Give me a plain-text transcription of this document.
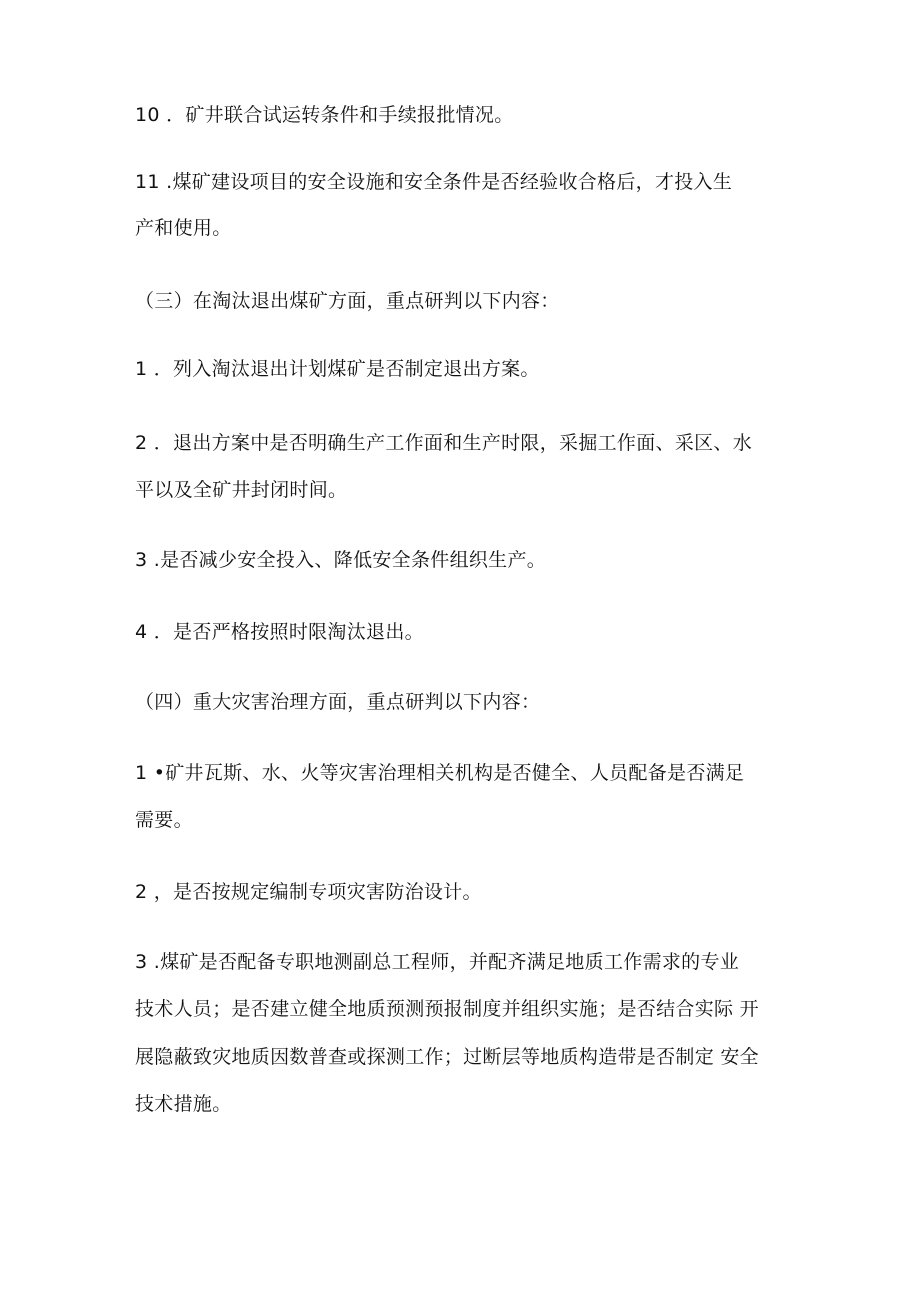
10 ．矿井联合试运转条件和手续报批情况。
11 .煤矿建设项目的安全设施和安全条件是否经验收合格后，才投入生
产和使用。
（三）在淘汰退出煤矿方面，重点研判以下内容：
1 ．列入淘汰退出计划煤矿是否制定退出方案。
2 ．退出方案中是否明确生产工作面和生产时限，采掘工作面、采区、水
平以及全矿井封闭时间。
3 .是否减少安全投入、降低安全条件组织生产。
4 ．是否严格按照时限淘汰退出。
（四）重大灾害治理方面，重点研判以下内容：
1 •矿井瓦斯、水、火等灾害治理相关机构是否健全、人员配备是否满足
需要。
2 ，是否按规定编制专项灾害防治设计。
3 .煤矿是否配备专职地测副总工程师，并配齐满足地质工作需求的专业
技术人员；是否建立健全地质预测预报制度并组织实施；是否结合实际 开
展隐蔽致灾地质因数普查或探测工作；过断层等地质构造带是否制定 安全
技术措施。
